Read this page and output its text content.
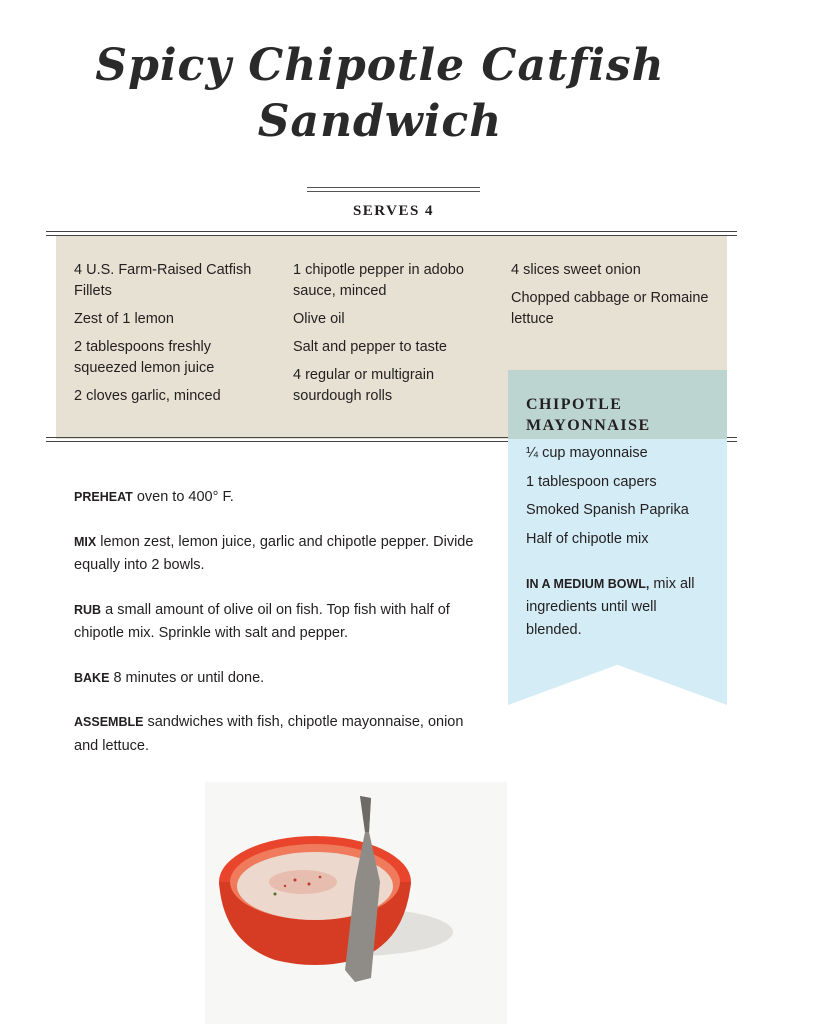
Spicy Chipotle Catfish
Sandwich
SERVES 4

4 U.S. Farm-Raised Catfish Fillets

Zest of 1 lemon

2 tablespoons freshly squeezed lemon juice

2 cloves garlic, minced

1 chipotle pepper in adobo sauce, minced

Olive oil

Salt and pepper to taste

4 regular or multigrain sourdough rolls

4 slices sweet onion

Chopped cabbage or Romaine lettuce

CHIPOTLE MAYONNAISE

¼ cup mayonnaise

1 tablespoon capers

Smoked Spanish Paprika

Half of chipotle mix

IN A MEDIUM BOWL, mix all ingredients until well blended.

PREHEAT oven to 400° F.

MIX lemon zest, lemon juice, garlic and chipotle pepper. Divide equally into 2 bowls.

RUB a small amount of olive oil on fish. Top fish with half of chipotle mix. Sprinkle with salt and pepper.

BAKE 8 minutes or until done.

ASSEMBLE sandwiches with fish, chipotle mayonnaise, onion and lettuce.
